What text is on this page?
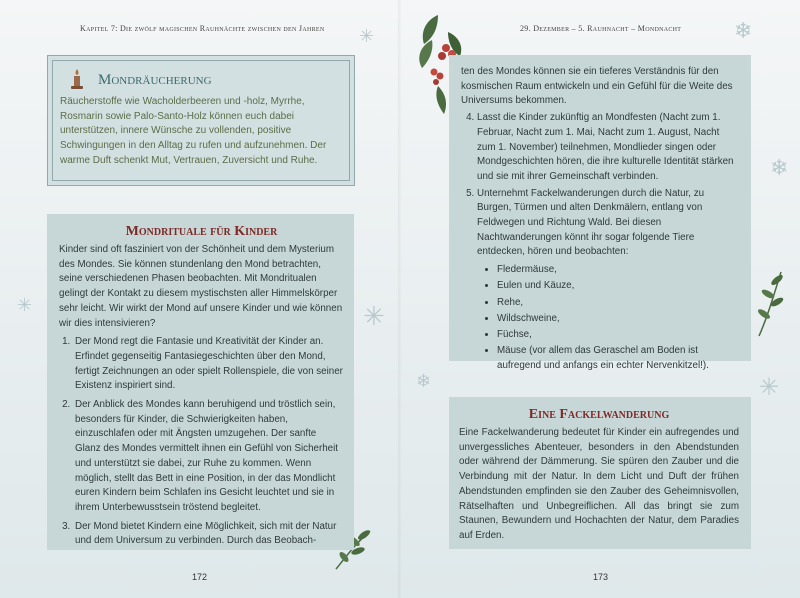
Kapitel 7: Die zwölf magischen Rauhnächte zwischen den Jahren	29. Dezember – 5. Rauhnacht – Mondnacht
✳	❄
❄
✳
✳
❄	✳
Mondräucherung

Räucherstoffe wie Wacholderbeeren und -holz, Myrrhe, Rosmarin sowie Palo-Santo-Holz können euch dabei unterstützen, innere Wünsche zu vollenden, positive Schwingungen in den Alltag zu rufen und aufzunehmen. Der warme Duft schenkt Mut, Vertrauen, Zuversicht und Ruhe.

Mondrituale für Kinder

Kinder sind oft fasziniert von der Schönheit und dem Mysterium des Mondes. Sie können stundenlang den Mond betrachten, seine verschiedenen Phasen beobachten. Mit Mondritualen gelingt der Kontakt zu diesem mystischsten aller Himmelskörper sehr leicht. Wir wirkt der Mond auf unsere Kinder und wie können wir dies intensivieren?

1. Der Mond regt die Fantasie und Kreativität der Kinder an. Erfindet gegenseitig Fantasiegeschichten über den Mond, fertigt Zeichnungen an oder spielt Rollenspiele, die von seiner Existenz inspiriert sind.
2. Der Anblick des Mondes kann beruhigend und tröstlich sein, besonders für Kinder, die Schwierigkeiten haben, einzuschlafen oder mit Ängsten umzugehen. Der sanfte Glanz des Mondes vermittelt ihnen ein Gefühl von Sicherheit und unterstützt sie dabei, zur Ruhe zu kommen. Wenn möglich, stellt das Bett in eine Position, in der das Mondlicht euren Kindern beim Schlafen ins Gesicht leuchtet und sie in ihrem Unterbewusstsein tröstend begleitet.
3. Der Mond bietet Kindern eine Möglichkeit, sich mit der Natur und dem Universum zu verbinden. Durch das Beobach-

ten des Mondes können sie ein tieferes Verständnis für den kosmischen Raum entwickeln und ein Gefühl für die Weite des Universums bekommen.

4. Lasst die Kinder zukünftig an Mondfesten (Nacht zum 1. Februar, Nacht zum 1. Mai, Nacht zum 1. August, Nacht zum 1. November) teilnehmen, Mondlieder singen oder Mondgeschichten hören, die ihre kulturelle Identität stärken und sie mit ihrer Gemeinschaft verbinden.
5. Unternehmt Fackelwanderungen durch die Natur, zu Burgen, Türmen und alten Denkmälern, entlang von Feldwegen und Richtung Wald. Bei diesen Nachtwanderungen könnt ihr sogar folgende Tiere entdecken, hören und beobachten:
• Fledermäuse,
• Eulen und Käuze,
• Rehe,
• Wildschweine,
• Füchse,
• Mäuse (vor allem das Geraschel am Boden ist aufregend und anfangs ein echter Nervenkitzel!).
Eine Fackelwanderung

Eine Fackelwanderung bedeutet für Kinder ein aufregendes und unvergessliches Abenteuer, besonders in den Abendstunden oder während der Dämmerung. Sie spüren den Zauber und die Verbindung mit der Natur. In dem Licht und Duft der frühen Abendstunden empfinden sie den Zauber des Geheimnisvollen, Rätselhaften und Unbegreiflichen. All das bringt sie zum Staunen, Bewundern und Hochachten der Natur, dem Paradies auf Erden.

172	173
